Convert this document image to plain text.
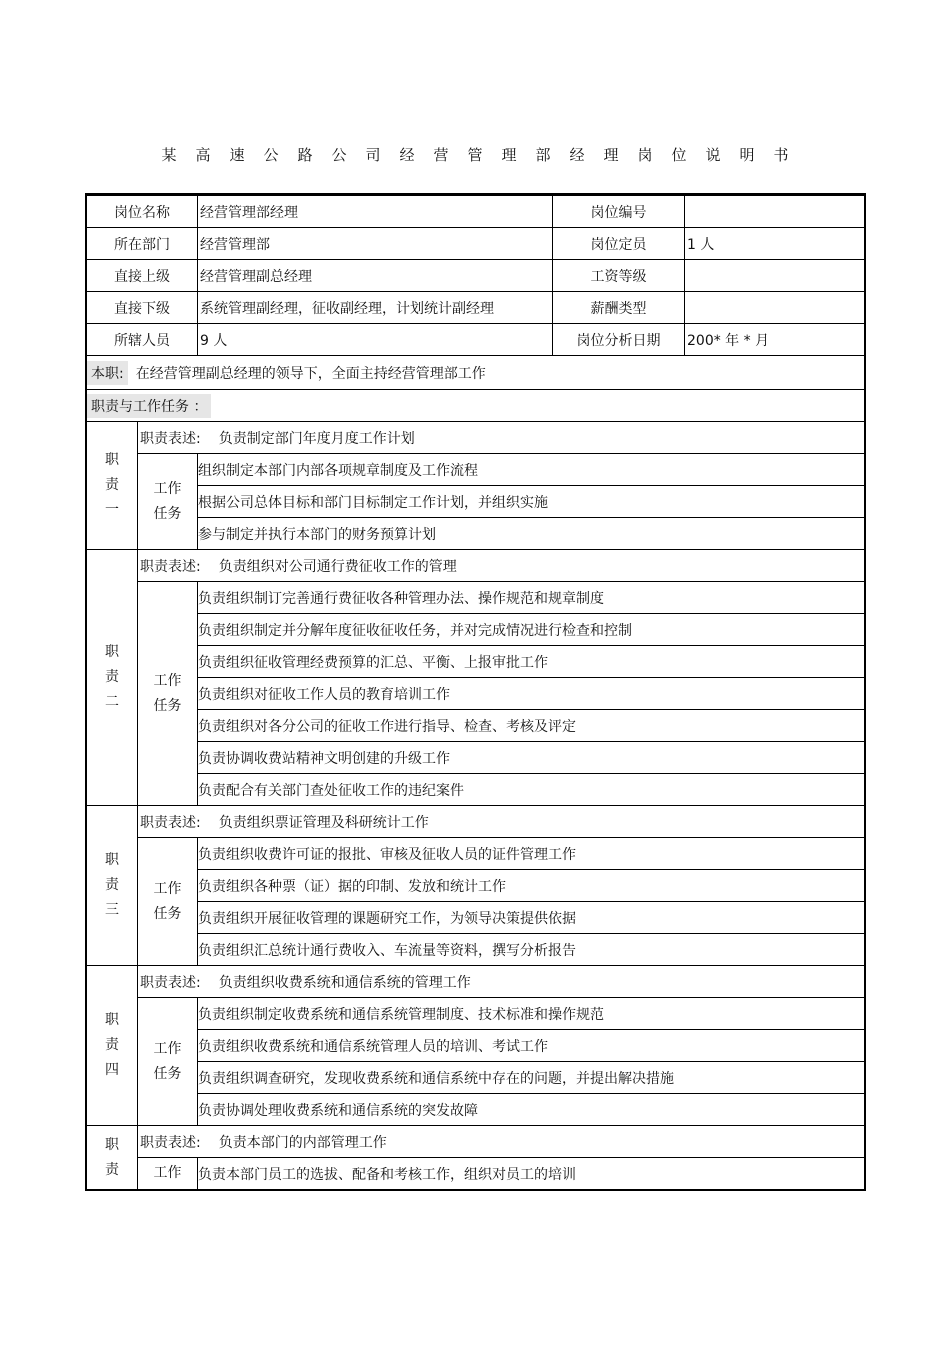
某高速公路公司经营管理部经理岗位说明书
岗位名称		经营管理部经理	岗位编号	
所在部门		经营管理部	岗位定员	1 人
直接上级		经营管理副总经理	工资等级	
直接下级		系统管理副经理，征收副经理，计划统计副经理	薪酬类型	
所辖人员		9 人	岗位分析日期	200* 年 * 月
本职: 在经营管理副总经理的领导下，全面主持经营管理部工作				
职责与工作任务 ：				

职责一	职责表述: 负责制定部门年度月度工作计划			

	工作任务	组织制定本部门内部各项规章制度及工作流程		
		根据公司总体目标和部门目标制定工作计划，并组织实施		
		参与制定并执行本部门的财务预算计划		

职责二	职责表述: 负责组织对公司通行费征收工作的管理			

	工作任务	负责组织制订完善通行费征收各种管理办法、操作规范和规章制度		
		负责组织制定并分解年度征收征收任务，并对完成情况进行检查和控制		
		负责组织征收管理经费预算的汇总、平衡、上报审批工作		
		负责组织对征收工作人员的教育培训工作		
		负责组织对各分公司的征收工作进行指导、检查、考核及评定		
		负责协调收费站精神文明创建的升级工作		
		负责配合有关部门查处征收工作的违纪案件		

职责三	职责表述: 负责组织票证管理及科研统计工作			

	工作任务	负责组织收费许可证的报批、审核及征收人员的证件管理工作		
		负责组织各种票（证）据的印制、发放和统计工作		
		负责组织开展征收管理的课题研究工作，为领导决策提供依据		
		负责组织汇总统计通行费收入、车流量等资料，撰写分析报告		

职责四	职责表述: 负责组织收费系统和通信系统的管理工作			

	工作任务	负责组织制定收费系统和通信系统管理制度、技术标准和操作规范		
		负责组织收费系统和通信系统管理人员的培训、考试工作		
		负责组织调查研究，发现收费系统和通信系统中存在的问题，并提出解决措施		
		负责协调处理收费系统和通信系统的突发故障		

职责	职责表述: 负责本部门的内部管理工作			

	工作	负责本部门员工的选拔、配备和考核工作，组织对员工的培训		
